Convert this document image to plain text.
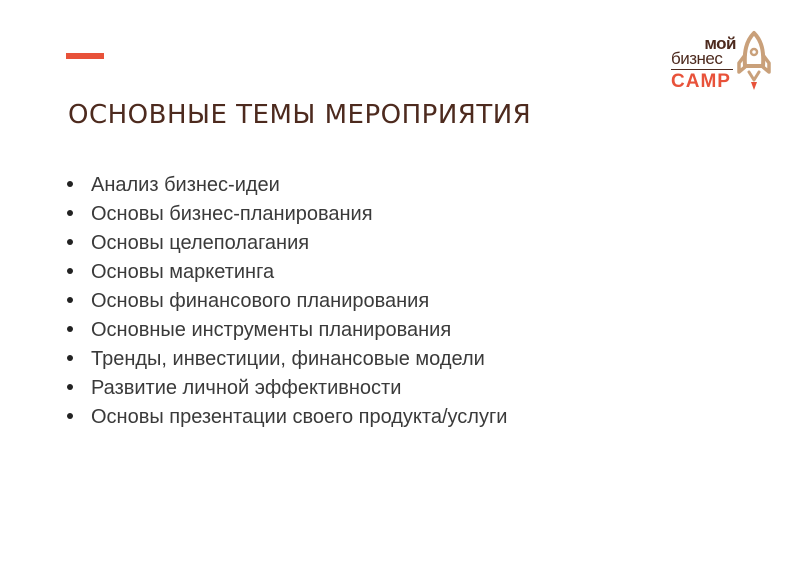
ОСНОВНЫЕ ТЕМЫ МЕРОПРИЯТИЯ
Анализ бизнес-идеи
Основы бизнес-планирования
Основы целеполагания
Основы маркетинга
Основы финансового планирования
Основные инструменты планирования
Тренды, инвестиции, финансовые модели
Развитие личной эффективности
Основы презентации своего продукта/услуги
мой
бизнес
CAMP
